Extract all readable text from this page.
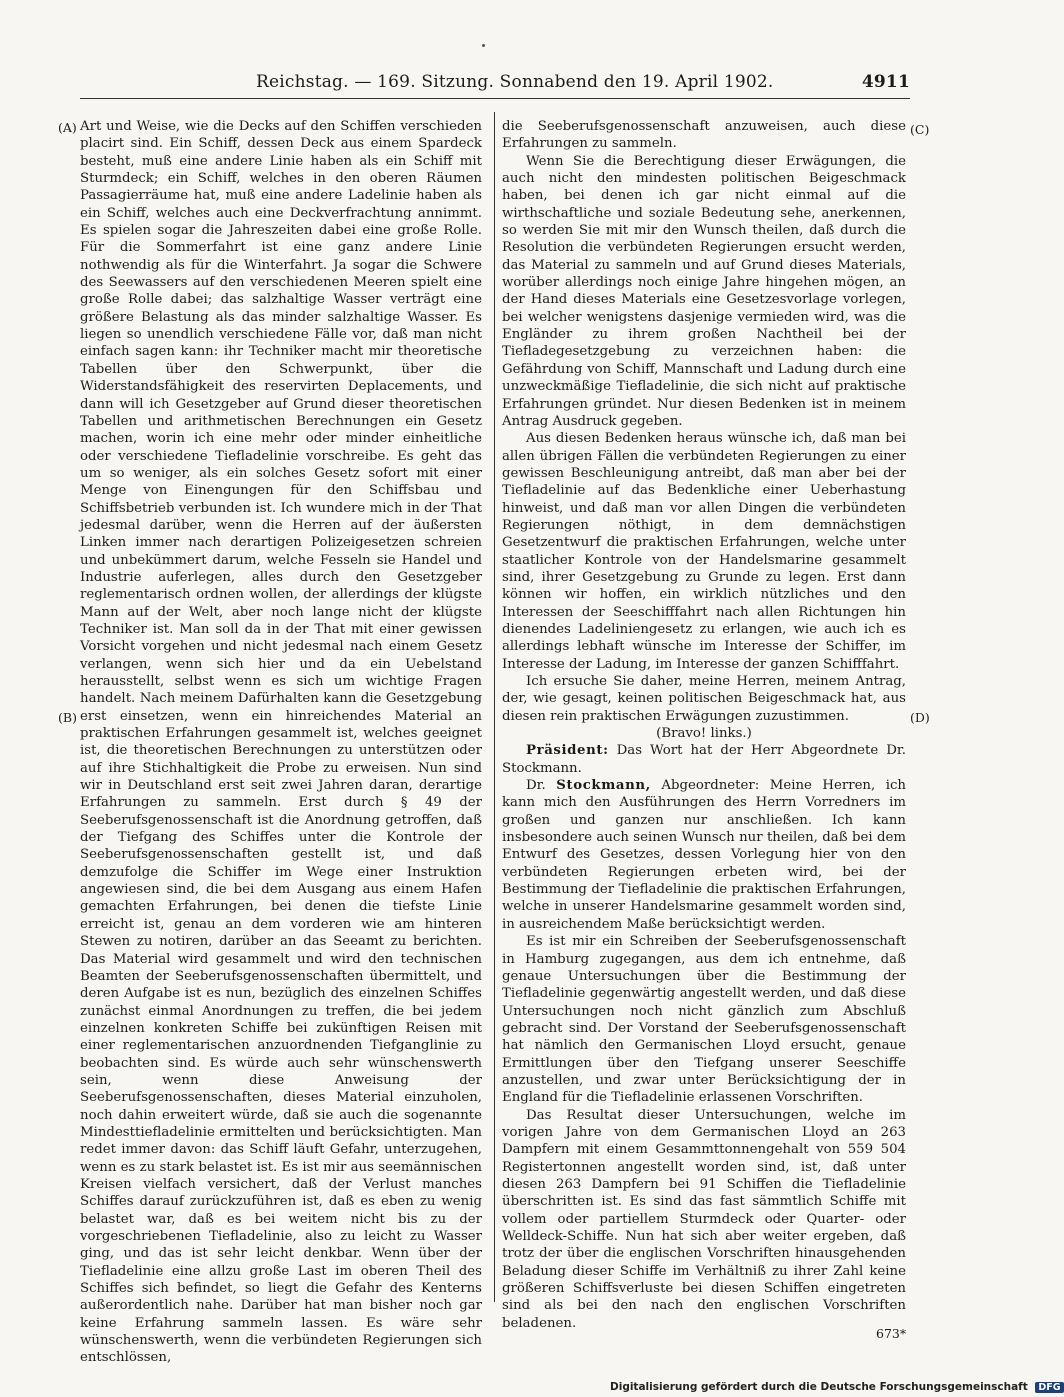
Reichstag. — 169. Sitzung. Sonnabend den 19. April 1902.	4911
(A)
(B)
(C)
(D)

Art und Weise, wie die Decks auf den Schiffen verschieden placirt sind. Ein Schiff, dessen Deck aus einem Spardeck besteht, muß eine andere Linie haben als ein Schiff mit Sturmdeck; ein Schiff, welches in den oberen Räumen Passagierräume hat, muß eine andere Ladelinie haben als ein Schiff, welches auch eine Deckverfrachtung annimmt. Es spielen sogar die Jahreszeiten dabei eine große Rolle. Für die Sommerfahrt ist eine ganz andere Linie nothwendig als für die Winterfahrt. Ja sogar die Schwere des Seewassers auf den verschiedenen Meeren spielt eine große Rolle dabei; das salzhaltige Wasser verträgt eine größere Belastung als das minder salzhaltige Wasser. Es liegen so unendlich verschiedene Fälle vor, daß man nicht einfach sagen kann: ihr Techniker macht mir theoretische Tabellen über den Schwerpunkt, über die Widerstandsfähigkeit des reservirten Deplacements, und dann will ich Gesetzgeber auf Grund dieser theoretischen Tabellen und arithmetischen Berechnungen ein Gesetz machen, worin ich eine mehr oder minder einheitliche oder verschiedene Tiefladelinie vorschreibe. Es geht das um so weniger, als ein solches Gesetz sofort mit einer Menge von Einengungen für den Schiffsbau und Schiffsbetrieb verbunden ist. Ich wundere mich in der That jedesmal darüber, wenn die Herren auf der äußersten Linken immer nach derartigen Polizeigesetzen schreien und unbekümmert darum, welche Fesseln sie Handel und Industrie auferlegen, alles durch den Gesetzgeber reglementarisch ordnen wollen, der allerdings der klügste Mann auf der Welt, aber noch lange nicht der klügste Techniker ist. Man soll da in der That mit einer gewissen Vorsicht vorgehen und nicht jedesmal nach einem Gesetz verlangen, wenn sich hier und da ein Uebelstand herausstellt, selbst wenn es sich um wichtige Fragen handelt. Nach meinem Dafürhalten kann die Gesetzgebung erst einsetzen, wenn ein hinreichendes Material an praktischen Erfahrungen gesammelt ist, welches geeignet ist, die theoretischen Berechnungen zu unterstützen oder auf ihre Stichhaltigkeit die Probe zu erweisen. Nun sind wir in Deutschland erst seit zwei Jahren daran, derartige Erfahrungen zu sammeln. Erst durch § 49 der Seeberufsgenossenschaft ist die Anordnung getroffen, daß der Tiefgang des Schiffes unter die Kontrole der Seeberufsgenossenschaften gestellt ist, und daß demzufolge die Schiffer im Wege einer Instruktion angewiesen sind, die bei dem Ausgang aus einem Hafen gemachten Erfahrungen, bei denen die tiefste Linie erreicht ist, genau an dem vorderen wie am hinteren Stewen zu notiren, darüber an das Seeamt zu berichten. Das Material wird gesammelt und wird den technischen Beamten der Seeberufsgenossenschaften übermittelt, und deren Aufgabe ist es nun, bezüglich des einzelnen Schiffes zunächst einmal Anordnungen zu treffen, die bei jedem einzelnen konkreten Schiffe bei zukünftigen Reisen mit einer reglementarischen anzuordnenden Tiefganglinie zu beobachten sind. Es würde auch sehr wünschenswerth sein, wenn diese Anweisung der Seeberufsgenossenschaften, dieses Material einzuholen, noch dahin erweitert würde, daß sie auch die sogenannte Mindesttiefladelinie ermittelten und berücksichtigten. Man redet immer davon: das Schiff läuft Gefahr, unterzugehen, wenn es zu stark belastet ist. Es ist mir aus seemännischen Kreisen vielfach versichert, daß der Verlust manches Schiffes darauf zurückzuführen ist, daß es eben zu wenig belastet war, daß es bei weitem nicht bis zu der vorgeschriebenen Tiefladelinie, also zu leicht zu Wasser ging, und das ist sehr leicht denkbar. Wenn über der Tiefladelinie eine allzu große Last im oberen Theil des Schiffes sich befindet, so liegt die Gefahr des Kenterns außerordentlich nahe. Darüber hat man bisher noch gar keine Erfahrung sammeln lassen. Es wäre sehr wünschenswerth, wenn die verbündeten Regierungen sich entschlössen,

die Seeberufsgenossenschaft anzuweisen, auch diese Erfahrungen zu sammeln.

Wenn Sie die Berechtigung dieser Erwägungen, die auch nicht den mindesten politischen Beigeschmack haben, bei denen ich gar nicht einmal auf die wirthschaftliche und soziale Bedeutung sehe, anerkennen, so werden Sie mit mir den Wunsch theilen, daß durch die Resolution die verbündeten Regierungen ersucht werden, das Material zu sammeln und auf Grund dieses Materials, worüber allerdings noch einige Jahre hingehen mögen, an der Hand dieses Materials eine Gesetzesvorlage vorlegen, bei welcher wenigstens dasjenige vermieden wird, was die Engländer zu ihrem großen Nachtheil bei der Tiefladegesetzgebung zu verzeichnen haben: die Gefährdung von Schiff, Mannschaft und Ladung durch eine unzweckmäßige Tiefladelinie, die sich nicht auf praktische Erfahrungen gründet. Nur diesen Bedenken ist in meinem Antrag Ausdruck gegeben.

Aus diesen Bedenken heraus wünsche ich, daß man bei allen übrigen Fällen die verbündeten Regierungen zu einer gewissen Beschleunigung antreibt, daß man aber bei der Tiefladelinie auf das Bedenkliche einer Ueberhastung hinweist, und daß man vor allen Dingen die verbündeten Regierungen nöthigt, in dem demnächstigen Gesetzentwurf die praktischen Erfahrungen, welche unter staatlicher Kontrole von der Handelsmarine gesammelt sind, ihrer Gesetzgebung zu Grunde zu legen. Erst dann können wir hoffen, ein wirklich nützliches und den Interessen der Seeschifffahrt nach allen Richtungen hin dienendes Ladeliniengesetz zu erlangen, wie auch ich es allerdings lebhaft wünsche im Interesse der Schiffer, im Interesse der Ladung, im Interesse der ganzen Schifffahrt.

Ich ersuche Sie daher, meine Herren, meinem Antrag, der, wie gesagt, keinen politischen Beigeschmack hat, aus diesen rein praktischen Erwägungen zuzustimmen.

(Bravo! links.)

Präsident: Das Wort hat der Herr Abgeordnete Dr. Stockmann.

Dr. Stockmann, Abgeordneter: Meine Herren, ich kann mich den Ausführungen des Herrn Vorredners im großen und ganzen nur anschließen. Ich kann insbesondere auch seinen Wunsch nur theilen, daß bei dem Entwurf des Gesetzes, dessen Vorlegung hier von den verbündeten Regierungen erbeten wird, bei der Bestimmung der Tiefladelinie die praktischen Erfahrungen, welche in unserer Handelsmarine gesammelt worden sind, in ausreichendem Maße berücksichtigt werden.

Es ist mir ein Schreiben der Seeberufsgenossenschaft in Hamburg zugegangen, aus dem ich entnehme, daß genaue Untersuchungen über die Bestimmung der Tiefladelinie gegenwärtig angestellt werden, und daß diese Untersuchungen noch nicht gänzlich zum Abschluß gebracht sind. Der Vorstand der Seeberufsgenossenschaft hat nämlich den Germanischen Lloyd ersucht, genaue Ermittlungen über den Tiefgang unserer Seeschiffe anzustellen, und zwar unter Berücksichtigung der in England für die Tiefladelinie erlassenen Vorschriften.

Das Resultat dieser Untersuchungen, welche im vorigen Jahre von dem Germanischen Lloyd an 263 Dampfern mit einem Gesammttonnengehalt von 559 504 Registertonnen angestellt worden sind, ist, daß unter diesen 263 Dampfern bei 91 Schiffen die Tiefladelinie überschritten ist. Es sind das fast sämmtlich Schiffe mit vollem oder partiellem Sturmdeck oder Quarter- oder Welldeck-Schiffe. Nun hat sich aber weiter ergeben, daß trotz der über die englischen Vorschriften hinausgehenden Beladung dieser Schiffe im Verhältniß zu ihrer Zahl keine größeren Schiffsverluste bei diesen Schiffen eingetreten sind als bei den nach den englischen Vorschriften beladenen.

673*
Digitalisierung gefördert durch die Deutsche Forschungsgemeinschaft DFG
